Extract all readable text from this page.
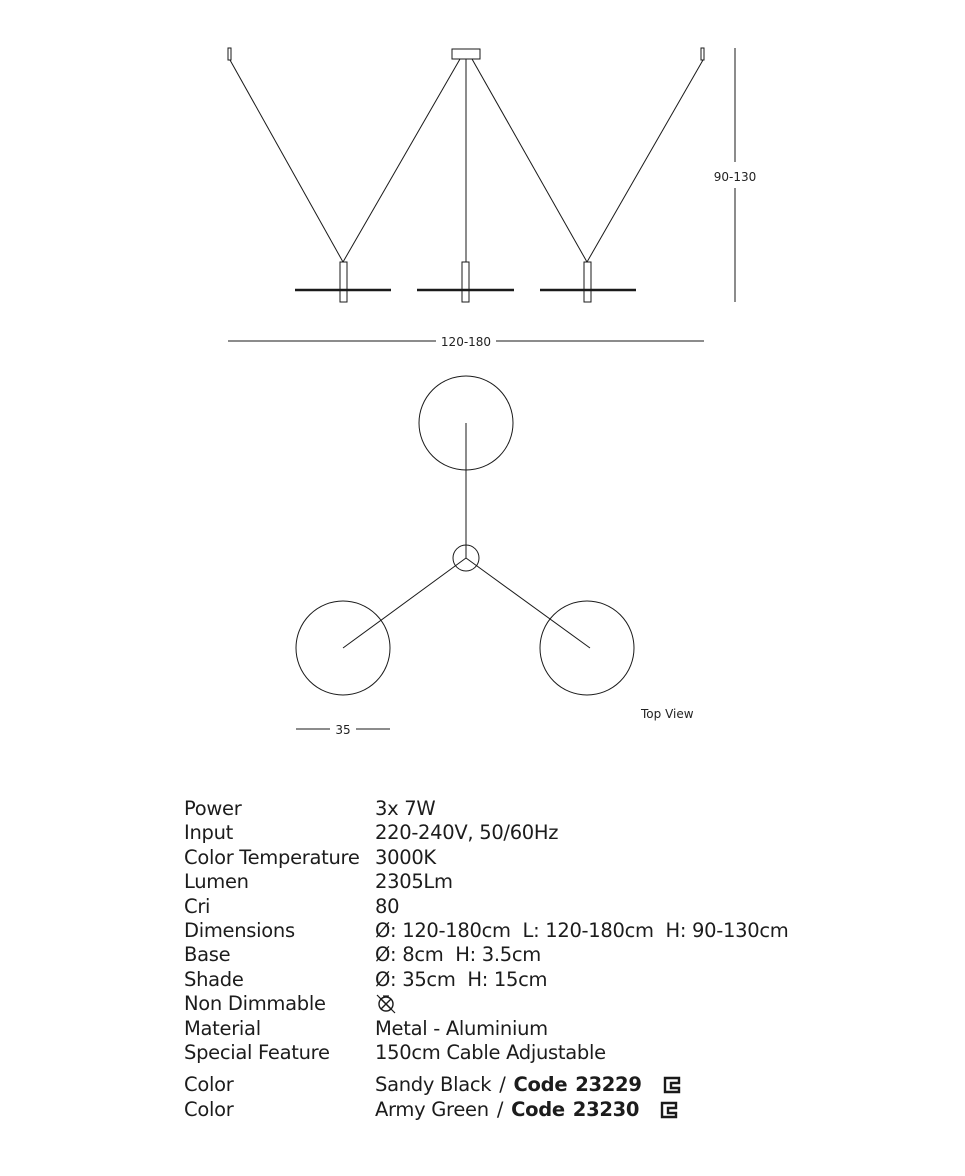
90-130
120-180
35
Top View
Power	3x 7W
Input	220-240V, 50/60Hz
Color Temperature 3000K
Lumen	2305Lm
Cri	80
Dimensions	Ø: 120-180cm  L: 120-180cm  H: 90-130cm
Base	Ø: 8cm  H: 3.5cm
Shade	Ø: 35cm  H: 15cm
Non Dimmable
Material	Metal - Aluminium
Special Feature	150cm Cable Adjustable
Color	Sandy Black / Code 23229
Color	Army Green / Code 23230
